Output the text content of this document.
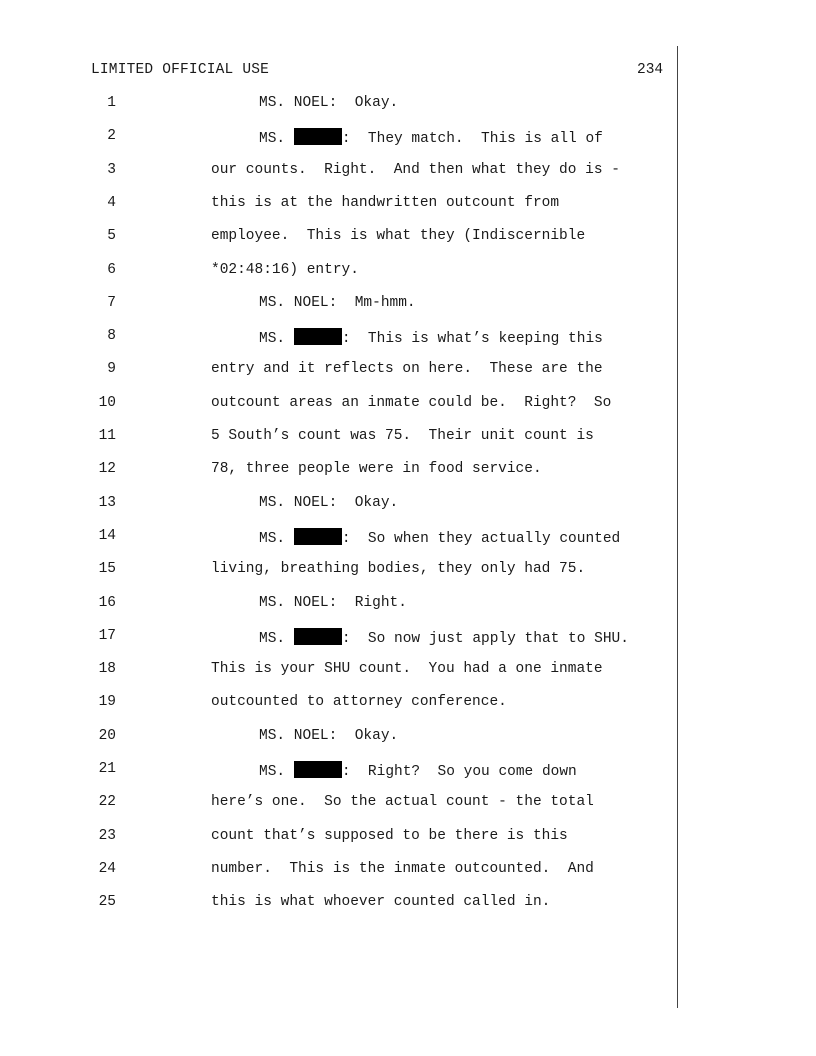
LIMITED OFFICIAL USE	234
1	MS. NOEL:  Okay.
2	MS.	:  They match.  This is all of
3	our counts.  Right.  And then what they do is -
4	this is at the handwritten outcount from
5	employee.  This is what they (Indiscernible
6	*02:48:16) entry.
7	MS. NOEL:  Mm-hmm.
8	MS.	:  This is what’s keeping this
9	entry and it reflects on here.  These are the
10	outcount areas an inmate could be.  Right?  So
11	5 South’s count was 75.  Their unit count is
12	78, three people were in food service.
13	MS. NOEL:  Okay.
14	MS.	:  So when they actually counted
15	living, breathing bodies, they only had 75.
16	MS. NOEL:  Right.
17	MS.	:  So now just apply that to SHU.
18	This is your SHU count.  You had a one inmate
19	outcounted to attorney conference.
20	MS. NOEL:  Okay.
21	MS.	:  Right?  So you come down
22	here’s one.  So the actual count - the total
23	count that’s supposed to be there is this
24	number.  This is the inmate outcounted.  And
25	this is what whoever counted called in.
